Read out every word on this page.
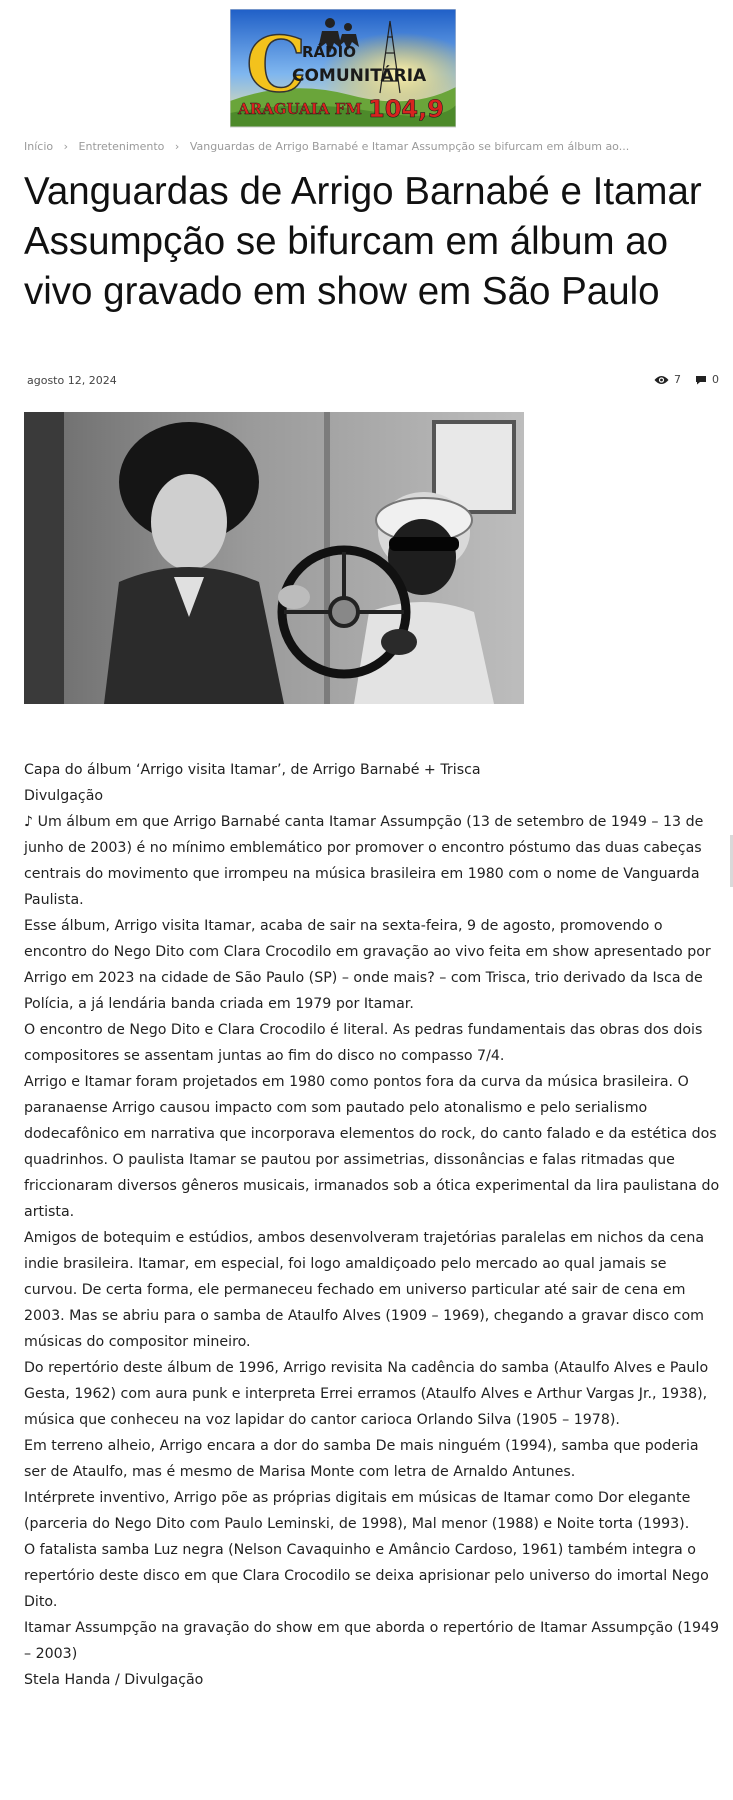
C
RÁDIO
COMUNITÁRIA
ARAGUAIA FM 104,9
Início › Entretenimento › Vanguardas de Arrigo Barnabé e Itamar Assumpção se bifurcam em álbum ao...
Vanguardas de Arrigo Barnabé e Itamar Assumpção se bifurcam em álbum ao vivo gravado em show em São Paulo
agosto 12, 2024	7	0

Capa do álbum ‘Arrigo visita Itamar’, de Arrigo Barnabé + Trisca

Divulgação

♪ Um álbum em que Arrigo Barnabé canta Itamar Assumpção (13 de setembro de 1949 – 13 de junho de 2003) é no mínimo emblemático por promover o encontro póstumo das duas cabeças centrais do movimento que irrompeu na música brasileira em 1980 com o nome de Vanguarda Paulista.

Esse álbum, Arrigo visita Itamar, acaba de sair na sexta-feira, 9 de agosto, promovendo o encontro do Nego Dito com Clara Crocodilo em gravação ao vivo feita em show apresentado por Arrigo em 2023 na cidade de São Paulo (SP) – onde mais? – com Trisca, trio derivado da Isca de Polícia, a já lendária banda criada em 1979 por Itamar.

O encontro de Nego Dito e Clara Crocodilo é literal. As pedras fundamentais das obras dos dois compositores se assentam juntas ao fim do disco no compasso 7/4.

Arrigo e Itamar foram projetados em 1980 como pontos fora da curva da música brasileira. O paranaense Arrigo causou impacto com som pautado pelo atonalismo e pelo serialismo dodecafônico em narrativa que incorporava elementos do rock, do canto falado e da estética dos quadrinhos. O paulista Itamar se pautou por assimetrias, dissonâncias e falas ritmadas que friccionaram diversos gêneros musicais, irmanados sob a ótica experimental da lira paulistana do artista.

Amigos de botequim e estúdios, ambos desenvolveram trajetórias paralelas em nichos da cena indie brasileira. Itamar, em especial, foi logo amaldiçoado pelo mercado ao qual jamais se curvou. De certa forma, ele permaneceu fechado em universo particular até sair de cena em 2003. Mas se abriu para o samba de Ataulfo Alves (1909 – 1969), chegando a gravar disco com músicas do compositor mineiro.

Do repertório deste álbum de 1996, Arrigo revisita Na cadência do samba (Ataulfo Alves e Paulo Gesta, 1962) com aura punk e interpreta Errei erramos (Ataulfo Alves e Arthur Vargas Jr., 1938), música que conheceu na voz lapidar do cantor carioca Orlando Silva (1905 – 1978).

Em terreno alheio, Arrigo encara a dor do samba De mais ninguém (1994), samba que poderia ser de Ataulfo, mas é mesmo de Marisa Monte com letra de Arnaldo Antunes.

Intérprete inventivo, Arrigo põe as próprias digitais em músicas de Itamar como Dor elegante (parceria do Nego Dito com Paulo Leminski, de 1998), Mal menor (1988) e Noite torta (1993).

O fatalista samba Luz negra (Nelson Cavaquinho e Amâncio Cardoso, 1961) também integra o repertório deste disco em que Clara Crocodilo se deixa aprisionar pelo universo do imortal Nego Dito.

Itamar Assumpção na gravação do show em que aborda o repertório de Itamar Assumpção (1949 – 2003)

Stela Handa / Divulgação
